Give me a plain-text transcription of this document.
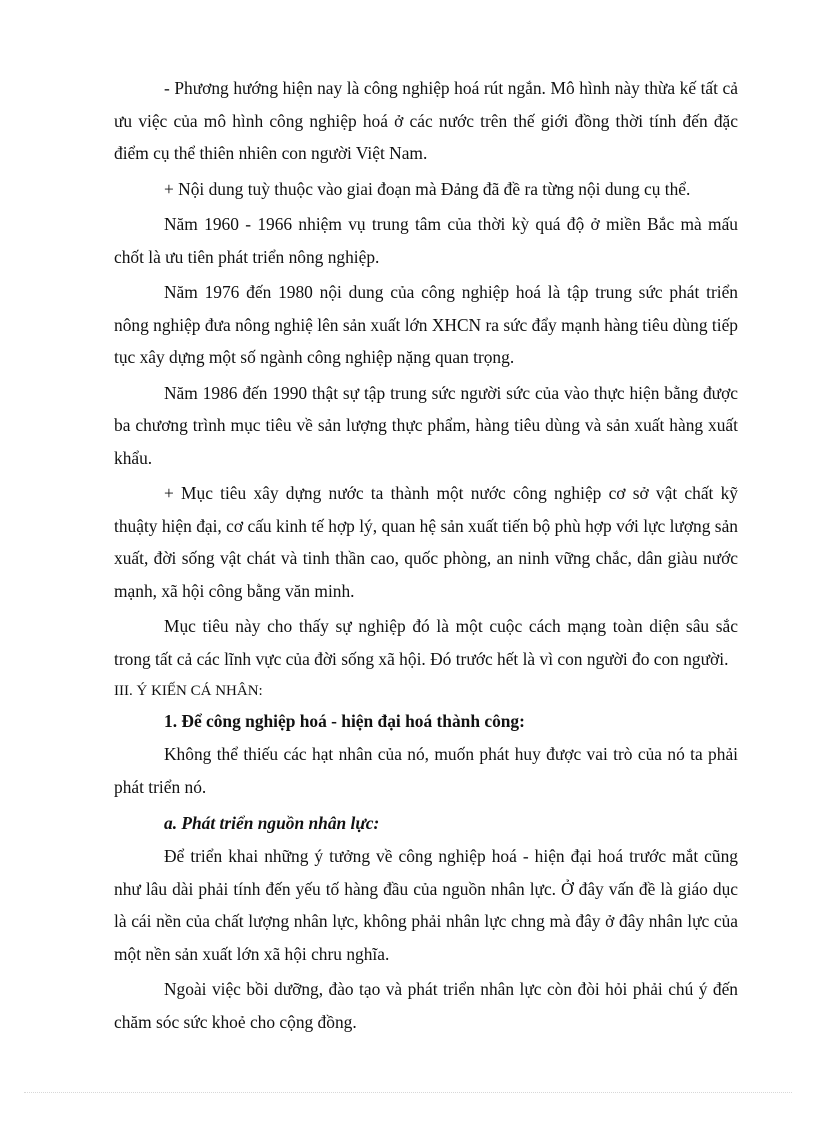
- Phương hướng hiện nay là công nghiệp hoá rút ngắn. Mô hình này thừa kế tất cả ưu việc của mô hình công nghiệp hoá ở các nước trên thế giới đồng thời tính đến đặc điểm cụ thể thiên nhiên con người Việt Nam.

+ Nội dung tuỳ thuộc vào giai đoạn mà Đảng đã đề ra từng nội dung cụ thể.

Năm 1960 - 1966 nhiệm vụ trung tâm của thời kỳ quá độ ở miền Bắc mà mấu chốt là ưu tiên phát triển nông nghiệp.

Năm 1976 đến 1980 nội dung của công nghiệp hoá là tập trung sức phát triển nông nghiệp đưa nông nghiệ lên sản xuất lớn XHCN ra sức đẩy mạnh hàng tiêu dùng tiếp tục xây dựng một số ngành công nghiệp nặng quan trọng.

Năm 1986 đến 1990 thật sự tập trung sức người sức của vào thực hiện bằng được ba chương trình mục tiêu về sản lượng thực phẩm, hàng tiêu dùng và sản xuất hàng xuất khẩu.

+ Mục tiêu xây dựng nước ta thành một nước công nghiệp cơ sở vật chất kỹ thuậty hiện đại, cơ cấu kinh tế hợp lý, quan hệ sản xuất tiến bộ phù hợp với lực lượng sản xuất, đời sống vật chát và tinh thần cao, quốc phòng, an ninh vững chắc, dân giàu nước mạnh, xã hội công bằng văn minh.

Mục tiêu này cho thấy sự nghiệp đó là một cuộc cách mạng toàn diện sâu sắc trong tất cả các lĩnh vực của đời sống xã hội. Đó trước hết là vì con người đo con người.

III. Ý KIẾN CÁ NHÂN:

1. Để công nghiệp hoá - hiện đại hoá thành công:

Không thể thiếu các hạt nhân của nó, muốn phát huy được vai trò của nó ta phải phát triển nó.

a. Phát triển nguồn nhân lực:

Để triển khai những ý tưởng về công nghiệp hoá - hiện đại hoá trước mắt cũng như lâu dài phải tính đến yếu tố hàng đầu của nguồn nhân lực. Ở đây vấn đề là giáo dục là cái nền của chất lượng nhân lực, không phải nhân lực chng mà đây ở đây nhân lực của một nền sản xuất lớn xã hội chru nghĩa.

Ngoài việc bồi dưỡng, đào tạo và phát triển nhân lực còn đòi hỏi phải chú ý đến chăm sóc sức khoẻ cho cộng đồng.
